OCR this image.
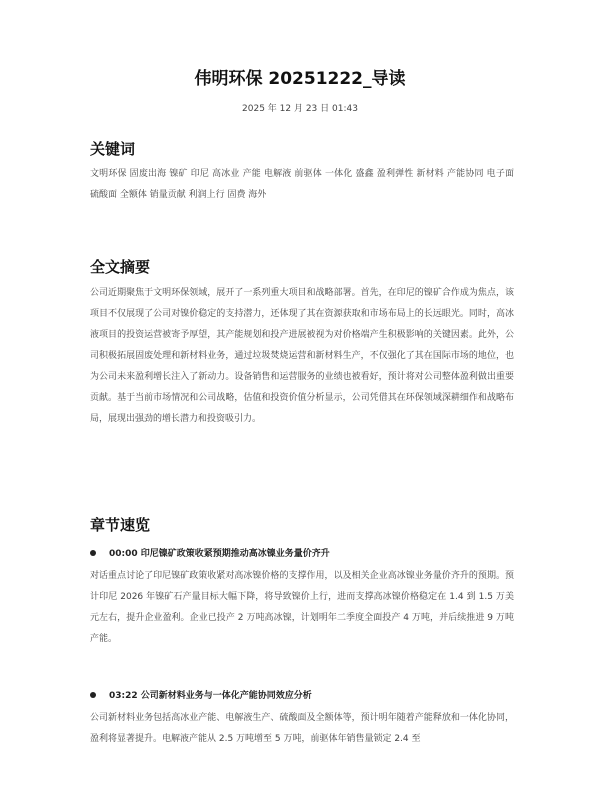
伟明环保 20251222_导读

2025 年 12 月 23 日 01:43

关键词

文明环保 固废出海 镍矿 印尼 高冰业 产能 电解液 前驱体 一体化 盛鑫 盈利弹性 新材料 产能协同 电子面 硫酸面 全额体 销量贡献 利润上行 固费 海外

全文摘要

公司近期聚焦于文明环保领域，展开了一系列重大项目和战略部署。首先，在印尼的镍矿合作成为焦点，该项目不仅展现了公司对镍价稳定的支持潜力，还体现了其在资源获取和市场布局上的长远眼光。同时，高冰液项目的投资运营被寄予厚望，其产能规划和投产进展被视为对价格端产生积极影响的关键因素。此外，公司积极拓展固废处理和新材料业务，通过垃圾焚烧运营和新材料生产，不仅强化了其在国际市场的地位，也为公司未来盈利增长注入了新动力。设备销售和运营服务的业绩也被看好，预计将对公司整体盈利做出重要贡献。基于当前市场情况和公司战略，估值和投资价值分析显示，公司凭借其在环保领域深耕细作和战略布局，展现出强劲的增长潜力和投资吸引力。

章节速览
00:00 印尼镍矿政策收紧预期推动高冰镍业务量价齐升

对话重点讨论了印尼镍矿政策收紧对高冰镍价格的支撑作用，以及相关企业高冰镍业务量价齐升的预期。预计印尼 2026 年镍矿石产量目标大幅下降，将导致镍价上行，进而支撑高冰镍价格稳定在 1.4 到 1.5 万美元左右，提升企业盈利。企业已投产 2 万吨高冰镍，计划明年二季度全面投产 4 万吨，并后续推进 9 万吨产能。

03:22 公司新材料业务与一体化产能协同效应分析

公司新材料业务包括高冰业产能、电解液生产、硫酸面及全额体等，预计明年随着产能释放和一体化协同，盈利将显著提升。电解液产能从 2.5 万吨增至 5 万吨，前驱体年销售量锁定 2.4 至
